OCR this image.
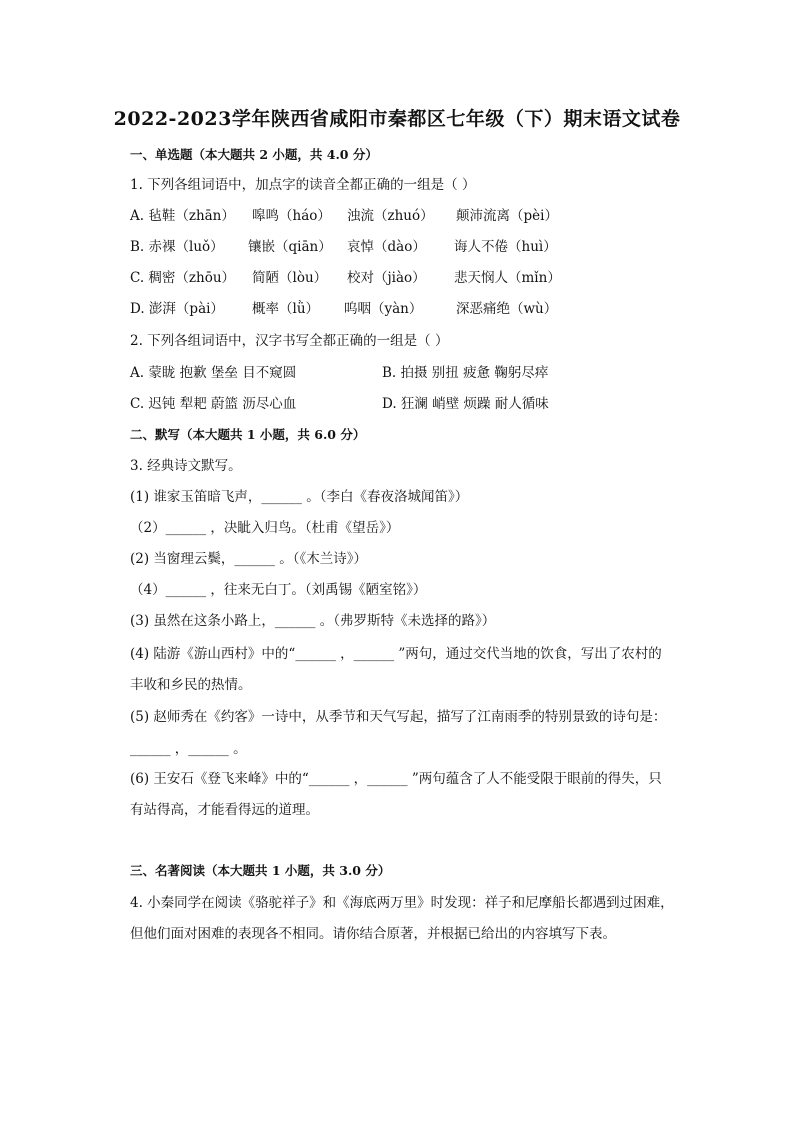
2022-2023学年陕西省咸阳市秦都区七年级（下）期末语文试卷
一、单选题（本大题共 2 小题，共 4.0 分）
1. 下列各组词语中，加点字的读音全都正确的一组是（ ）
A. 毡鞋（zhān） 嗥鸣（háo） 浊流（zhuó） 颠沛流离（pèi）
B. 赤裸（luǒ） 镶嵌（qiān） 哀悼（dào） 诲人不倦（huì）
C. 稠密（zhōu） 简陋（lòu） 校对（jiào） 悲天悯人（mǐn）
D. 澎湃（pài） 概率（lǜ） 呜咽（yàn） 深恶痛绝（wù）
2. 下列各组词语中，汉字书写全都正确的一组是（ ）
A. 蒙眬 抱歉 堡垒 目不窥圆	B. 拍摄 别扭 疲惫 鞠躬尽瘁
C. 迟钝 犁耙 蔚篮 沥尽心血	D. 狂澜 峭壁 烦躁 耐人循味
二、默写（本大题共 1 小题，共 6.0 分）
3. 经典诗文默写。
(1) 谁家玉笛暗飞声，______ 。（李白《春夜洛城闻笛》）
（2）______ ，决眦入归鸟。（杜甫《望岳》）
(2) 当窗理云鬓，______ 。（《木兰诗》）
（4）______ ，往来无白丁。（刘禹锡《陋室铭》）
(3) 虽然在这条小路上，______ 。（弗罗斯特《未选择的路》）
(4) 陆游《游山西村》中的“______ ，______ ”两句，通过交代当地的饮食，写出了农村的
丰收和乡民的热情。
(5) 赵师秀在《约客》一诗中，从季节和天气写起，描写了江南雨季的特别景致的诗句是：
______ ，______ 。
(6) 王安石《登飞来峰》中的“______ ，______ ”两句蕴含了人不能受限于眼前的得失，只
有站得高，才能看得远的道理。
三、名著阅读（本大题共 1 小题，共 3.0 分）
4. 小秦同学在阅读《骆驼祥子》和《海底两万里》时发现：祥子和尼摩船长都遇到过困难，
但他们面对困难的表现各不相同。请你结合原著，并根据已给出的内容填写下表。
